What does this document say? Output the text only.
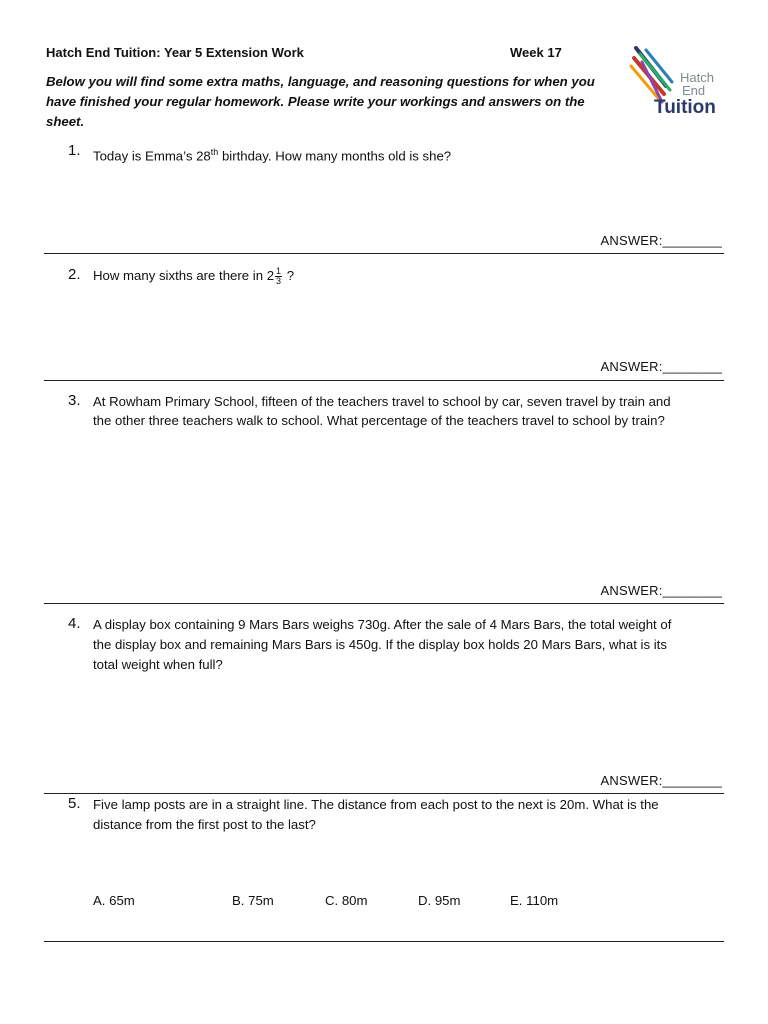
Hatch End Tuition: Year 5 Extension Work	Week 17
Hatch
End
Tuition
Below you will find some extra maths, language, and reasoning questions for when you have finished your regular homework. Please write your workings and answers on the sheet.
1. Today is Emma’s 28th birthday. How many months old is she?
ANSWER:________
2. How many sixths are there in $2 \frac{1}{3}$ ?
ANSWER:________
3. At Rowham Primary School, fifteen of the teachers travel to school by car, seven travel by train and
the other three teachers walk to school. What percentage of the teachers travel to school by train?
ANSWER:________
4. A display box containing 9 Mars Bars weighs 730g. After the sale of 4 Mars Bars, the total weight of
the display box and remaining Mars Bars is 450g. If the display box holds 20 Mars Bars, what is its
total weight when full?
ANSWER:________
5. Five lamp posts are in a straight line. The distance from each post to the next is 20m. What is the
distance from the first post to the last?
A. 65m	B. 75m	C. 80m	D. 95m	E. 110m
